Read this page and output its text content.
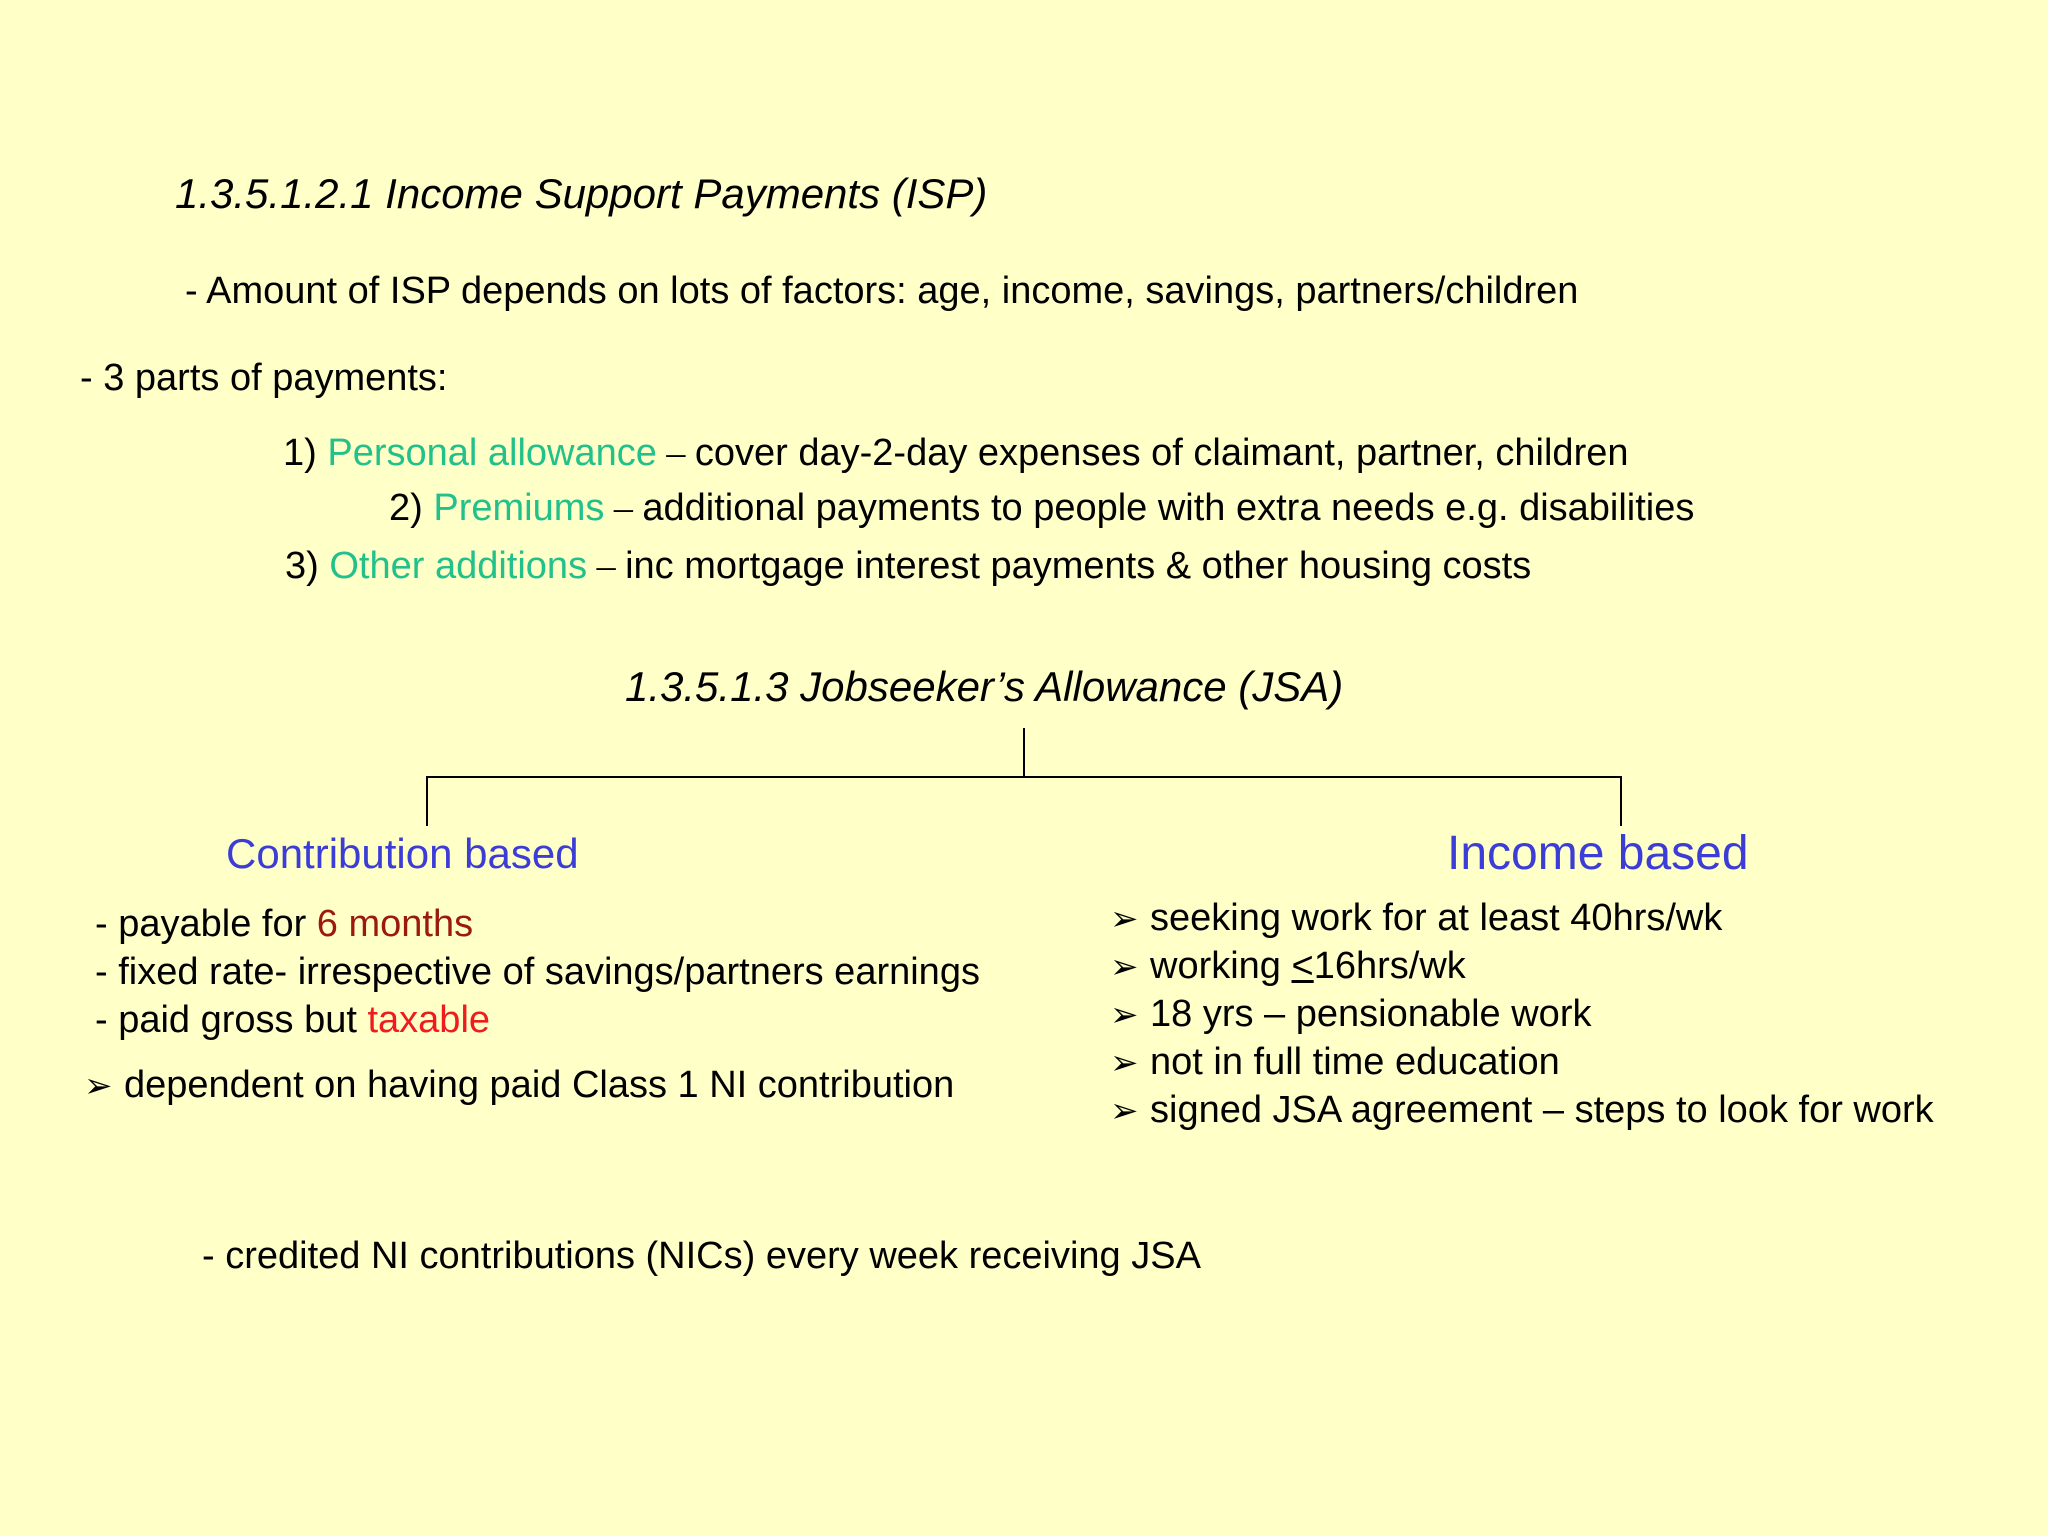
1.3.5.1.2.1 Income Support Payments (ISP)
- Amount of ISP depends on lots of factors: age, income, savings, partners/children
- 3 parts of payments:
1) Personal allowance – cover day-2-day expenses of claimant, partner, children
2) Premiums – additional payments to people with extra needs e.g. disabilities
3) Other additions – inc mortgage interest payments & other housing costs
1.3.5.1.3 Jobseeker’s Allowance (JSA)
Contribution based
- payable for 6 months
- fixed rate- irrespective of savings/partners earnings
- paid gross but taxable
➢ dependent on having paid Class 1 NI contribution
Income based
➢ seeking work for at least 40hrs/wk
➢ working ≤16hrs/wk
➢ 18 yrs – pensionable work
➢ not in full time education
➢ signed JSA agreement – steps to look for work
- credited NI contributions (NICs) every week receiving JSA
